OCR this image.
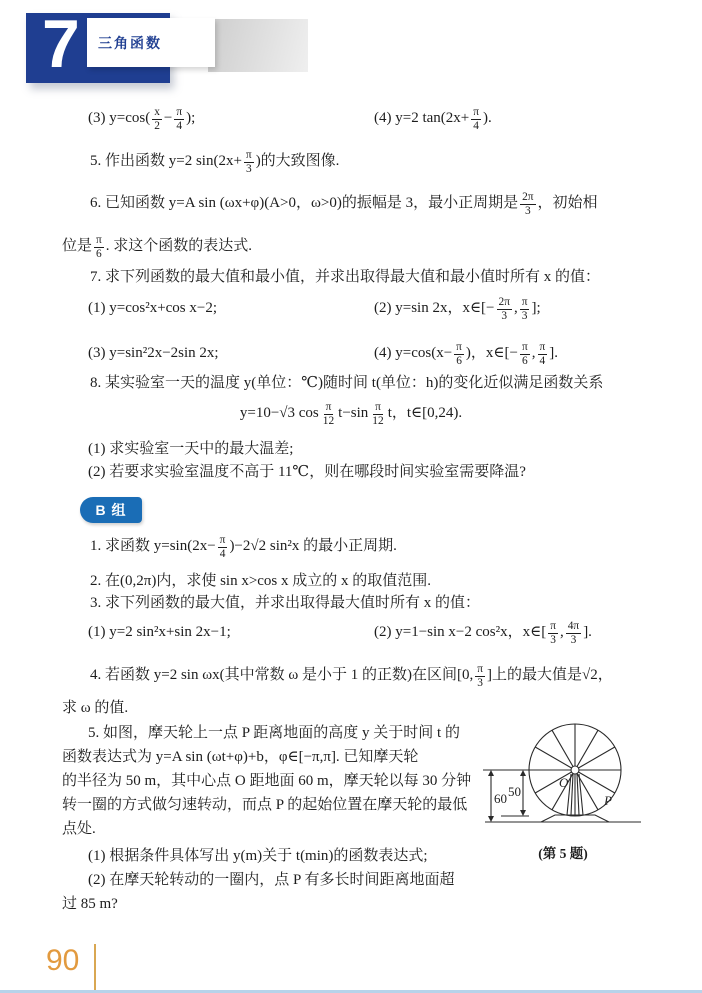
三角函数
7
(3) $y=\cos( \frac{x}{2} - \frac{\pi}{4}$ );	(4) y=2 $\tan(2x+ \frac{\pi}{4}$ ).
5. 作出函数 y=2 $\sin(2x+ \frac{\pi}{3}$ )的大致图像.
6. 已知函数 y=A sin (ωx+φ)(A>0，ω>0)的振幅是 3，最小正周期是 $\frac{2\pi}{3}$ ，初始相
位是 $\frac{\pi}{6}$ . 求这个函数的表达式.
7. 求下列函数的最大值和最小值，并求出取得最大值和最小值时所有 x 的值：
(1) y=cos²x+cos x−2;	(2) y=sin 2x，x∈[− $\frac{2\pi}{3}$ , $\frac{\pi}{3}$ ];
(3) y=sin²2x−2sin 2x;	(4) $y=\cos(x- \frac{\pi}{6}$ )，x∈[− $\frac{\pi}{6}$ , $\frac{\pi}{4}$ ].
8. 某实验室一天的温度 y(单位：℃)随时间 t(单位：h)的变化近似满足函数关系
y=10−√3 $\cos \frac{\pi}{12} t-\sin \frac{\pi}{12}$ t，t∈[0,24).
(1) 求实验室一天中的最大温差;
(2) 若要求实验室温度不高于 11℃，则在哪段时间实验室需要降温?
B 组
1. 求函数 $y=\sin(2x- \frac{\pi}{4} )-2√2$ sin²x 的最小正周期.
2. 在(0,2π)内，求使 sin x>cos x 成立的 x 的取值范围.
3. 求下列函数的最大值，并求出取得最大值时所有 x 的值：
(1) y=2 sin²x+sin 2x−1;	(2) y=1−sin x−2 cos²x，x∈[ $\frac{\pi}{3}$ , $\frac{4\pi}{3}$ ].
4. 若函数 y=2 sin ωx(其中常数 ω 是小于 1 的正数)在区间[0, $\frac{\pi}{3}$ ]上的最大值是√2，
求 ω 的值.
5. 如图，摩天轮上一点 P 距离地面的高度 y 关于时间 t 的
函数表达式为 y=A sin (ωt+φ)+b，φ∈[−π,π]. 已知摩天轮
的半径为 50 m，其中心点 O 距地面 60 m，摩天轮以每 30 分钟
转一圈的方式做匀速转动，而点 P 的起始位置在摩天轮的最低
点处.
(1) 根据条件具体写出 y(m)关于 t(min)的函数表达式;
(2) 在摩天轮转动的一圈内，点 P 有多长时间距离地面超
过 85 m?
60 50
O
P
(第 5 题)
90
